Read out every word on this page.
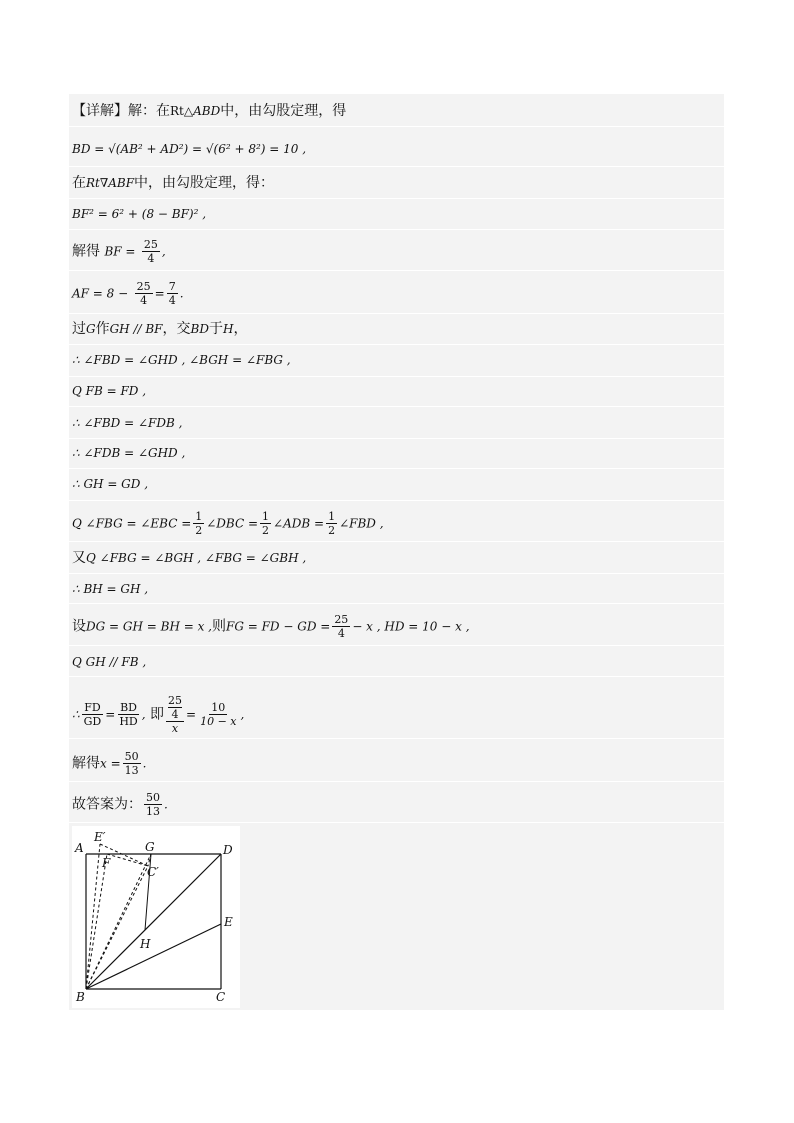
【详解】解：在Rt△ABD中，由勾股定理，得
BD = √(AB² + AD²) = √(6² + 8²) = 10 ,
在Rt∇ABF中，由勾股定理，得：
BF² = 6² + (8 − BF)² ,
解得 BF = $\frac{25}{4}$ ,
AF = $8 - \frac{25}{4} = \frac{7}{4}$ .
过G作GH // BF，交BD于H，
∴ ∠FBD = ∠GHD , ∠BGH = ∠FBG ,
Q FB = FD ,
∴ ∠FBD = ∠FDB ,
∴ ∠FDB = ∠GHD ,
∴ GH = GD ,
Q ∠FBG = ∠EBC = $\frac{1}{2}$ ∠DBC = $\frac{1}{2}$ ∠ADB = $\frac{1}{2}$ ∠FBD ,
又Q ∠FBG = ∠BGH , ∠FBG = ∠GBH ,
∴ BH = GH ,
设DG = GH = BH = x ,则FG = FD − GD = $\frac{25}{4} - x$ , HD = 10 − x ,
Q GH // FB ,
∴ $\frac{FD}{GD} = \frac{BD}{HD}$ , 即 $\frac{\frac{25}{4}}{x} = \frac{10}{10 - x}$ ,
解得$x = \frac{50}{13}$ .
故答案为： $\frac{50}{13}$ .
A
B	C
D
E
E′
F
G
C′
H
